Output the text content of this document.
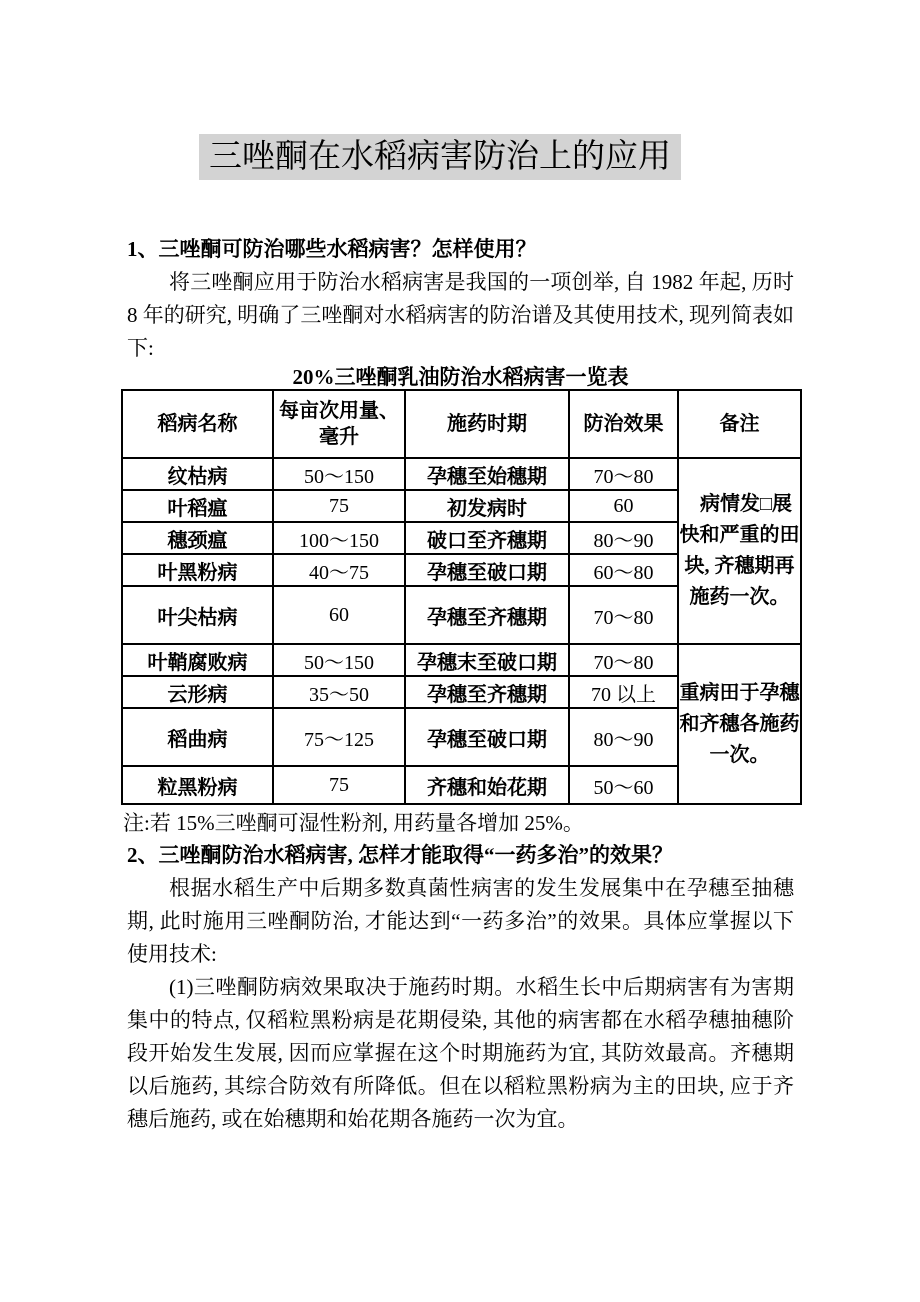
三唑酮在水稻病害防治上的应用

1、三唑酮可防治哪些水稻病害？怎样使用？

将三唑酮应用于防治水稻病害是我国的一项创举, 自 1982 年起, 历时 8 年的研究, 明确了三唑酮对水稻病害的防治谱及其使用技术, 现列简表如下:

20%三唑酮乳油防治水稻病害一览表

稻病名称	每亩次用量、毫升	施药时期	防治效果	备注
纹枯病	50～150	孕穗至始穗期	70～80	病情发□展快和严重的田块, 齐穗期再施药一次。
叶稻瘟	75	初发病时	60	
穗颈瘟	100～150	破口至齐穗期	80～90	
叶黑粉病	40～75	孕穗至破口期	60～80	
叶尖枯病	60	孕穗至齐穗期	70～80	
叶鞘腐败病	50～150	孕穗末至破口期	70～80	重病田于孕穗和齐穗各施药一次。
云形病	35～50	孕穗至齐穗期	70 以上	
稻曲病	75～125	孕穗至破口期	80～90	
粒黑粉病	75	齐穗和始花期	50～60	

注:若 15%三唑酮可湿性粉剂, 用药量各增加 25%。

2、三唑酮防治水稻病害, 怎样才能取得“一药多治”的效果？

根据水稻生产中后期多数真菌性病害的发生发展集中在孕穗至抽穗期, 此时施用三唑酮防治, 才能达到“一药多治”的效果。具体应掌握以下使用技术:

(1)三唑酮防病效果取决于施药时期。水稻生长中后期病害有为害期集中的特点, 仅稻粒黑粉病是花期侵染, 其他的病害都在水稻孕穗抽穗阶段开始发生发展, 因而应掌握在这个时期施药为宜, 其防效最高。齐穗期以后施药, 其综合防效有所降低。但在以稻粒黑粉病为主的田块, 应于齐穗后施药, 或在始穗期和始花期各施药一次为宜。
